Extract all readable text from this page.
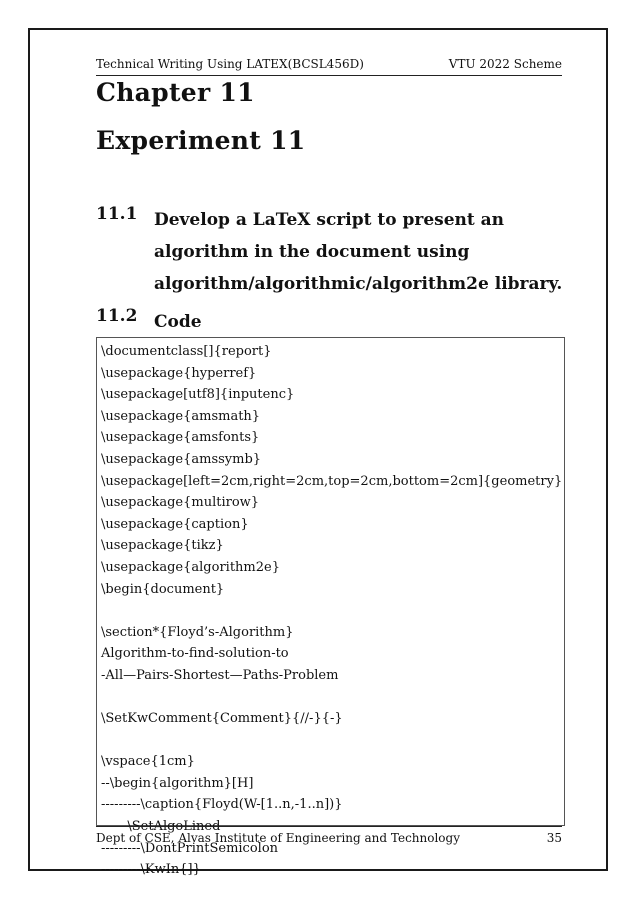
Technical Writing Using LATEX(BCSL456D)	VTU 2022 Scheme
Chapter 11
Experiment 11
11.1 Develop a LaTeX script to present an
algorithm in the document using
algorithm/algorithmic/algorithm2e library.
11.2 Code
\documentclass[]{report}
\usepackage{hyperref}
\usepackage[utf8]{inputenc}
\usepackage{amsmath}
\usepackage{amsfonts}
\usepackage{amssymb}
\usepackage[left=2cm,right=2cm,top=2cm,bottom=2cm]{geometry}
\usepackage{multirow}
\usepackage{caption}
\usepackage{tikz}
\usepackage{algorithm2e}
\begin{document}
\section*{Floyd’s-Algorithm}
Algorithm-to-find-solution-to
-All—Pairs-Shortest—Paths-Problem
\SetKwComment{Comment}{//-}{-}
\vspace{1cm}
--\begin{algorithm}[H]
---------\caption{Floyd(W-[1..n,-1..n])}
------\SetAlgoLined
---------\DontPrintSemicolon
---------\KwIn{]}
Dept of CSE, Alvas Institute of Engineering and Technology	35
